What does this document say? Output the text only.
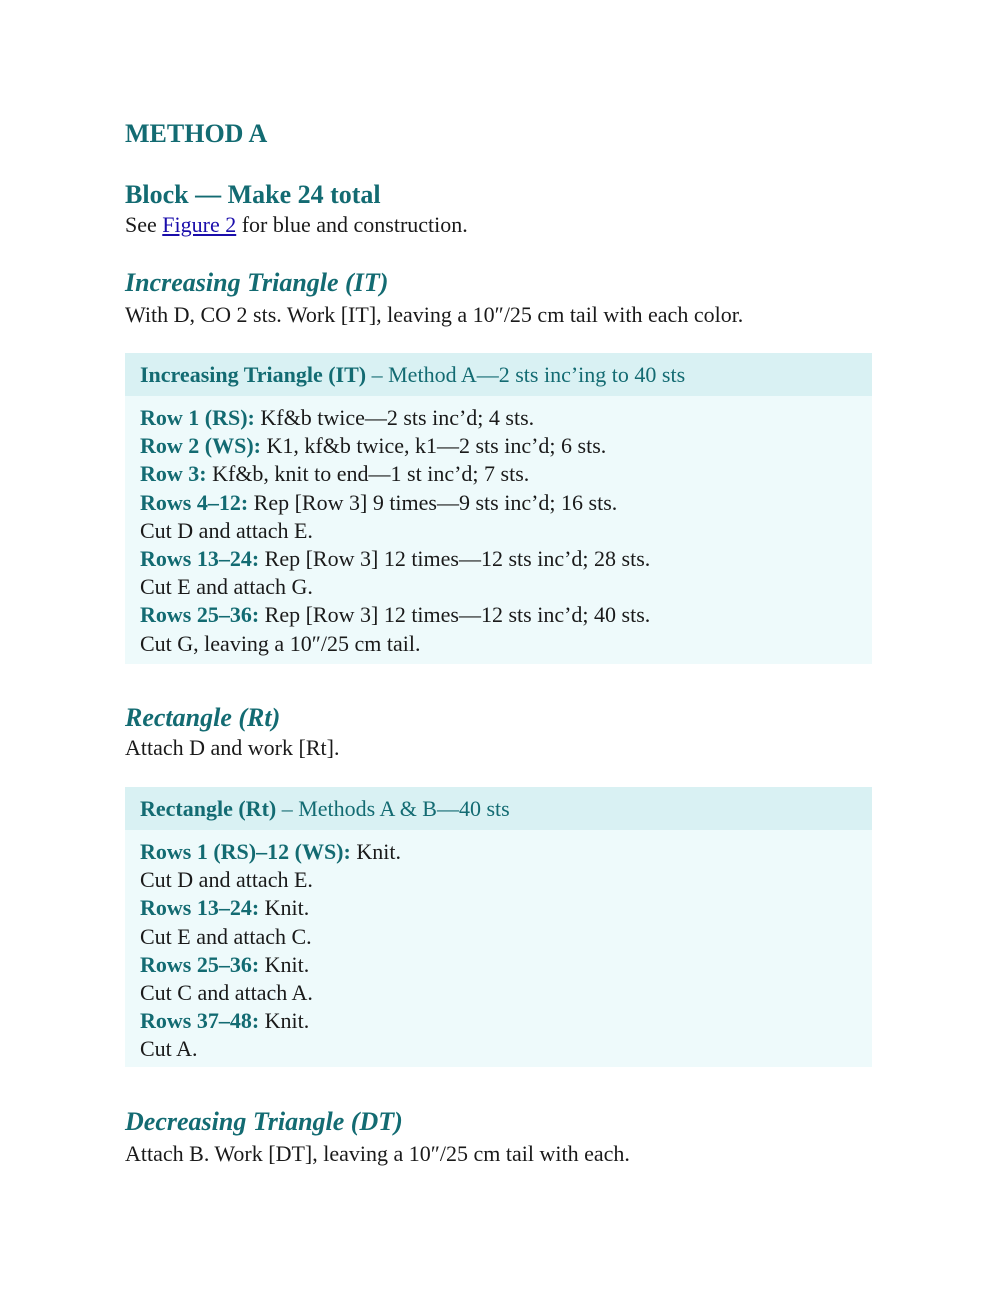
METHOD A
Block — Make 24 total

See Figure 2 for blue and construction.

Increasing Triangle (IT)

With D, CO 2 sts. Work [IT], leaving a 10″/25 cm tail with each color.

Increasing Triangle (IT) – Method A—2 sts inc’ing to 40 sts
Row 1 (RS): Kf&b twice—2 sts inc’d; 4 sts.
Row 2 (WS): K1, kf&b twice, k1—2 sts inc’d; 6 sts.
Row 3: Kf&b, knit to end—1 st inc’d; 7 sts.
Rows 4–12: Rep [Row 3] 9 times—9 sts inc’d; 16 sts.
Cut D and attach E.
Rows 13–24: Rep [Row 3] 12 times—12 sts inc’d; 28 sts.
Cut E and attach G.
Rows 25–36: Rep [Row 3] 12 times—12 sts inc’d; 40 sts.
Cut G, leaving a 10″/25 cm tail.
Rectangle (Rt)

Attach D and work [Rt].

Rectangle (Rt) – Methods A & B—40 sts
Rows 1 (RS)–12 (WS): Knit.
Cut D and attach E.
Rows 13–24: Knit.
Cut E and attach C.
Rows 25–36: Knit.
Cut C and attach A.
Rows 37–48: Knit.
Cut A.
Decreasing Triangle (DT)

Attach B. Work [DT], leaving a 10″/25 cm tail with each.
